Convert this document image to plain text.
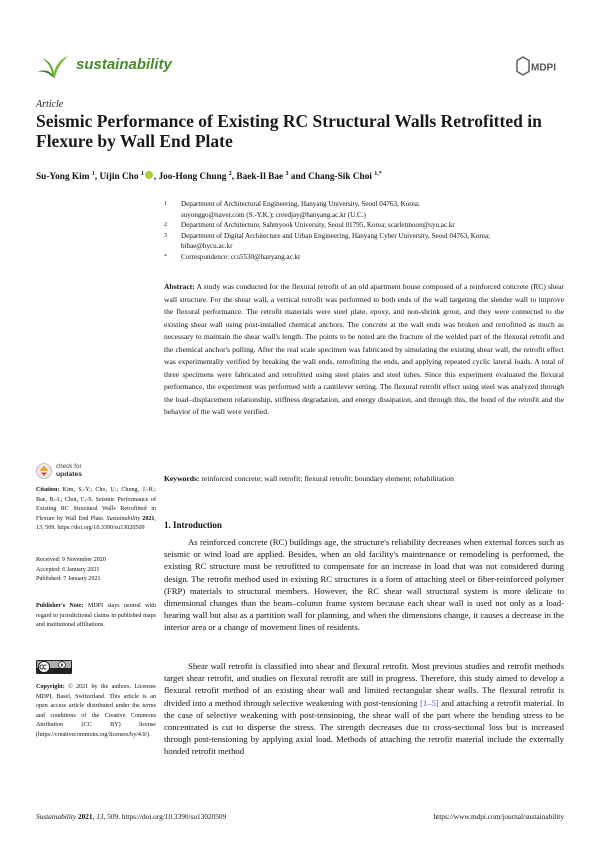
sustainability	MDPI
Article
Seismic Performance of Existing RC Structural Walls Retrofitted in Flexure by Wall End Plate
Su-Yong Kim $^1$, Uijin Cho $^1$ , Joo-Hong Chung $^2$, Baek-Il Bae $^3$ and Chang-Sik Choi $^{1,*}$
1 Department of Architectural Engineering, Hanyang University, Seoul 04763, Korea;
suyonggo@naver.com (S.-Y.K.); creedjay@hanyang.ac.kr (U.C.)
2 Department of Architecture, Sahmyook University, Seoul 01795, Korea; scarletmoon@syu.ac.kr
3 Department of Digital Architecture and Urban Engineering, Hanyang Cyber University, Seoul 04763, Korea;
bibae@hycu.ac.kr
* Correspondence: ccs5530@hanyang.ac.kr
Abstract: A study was conducted for the flexural retrofit of an old apartment house composed of a reinforced concrete (RC) shear wall structure. For the shear wall, a vertical retrofit was performed to both ends of the wall targeting the slender wall to improve the flexural performance. The retrofit materials were steel plate, epoxy, and non-shrink grout, and they were connected to the existing shear wall using post-installed chemical anchors. The concrete at the wall ends was broken and retrofitted as much as necessary to maintain the shear wall's length. The points to be noted are the fracture of the welded part of the flexural retrofit and the chemical anchor's pulling. After the real scale specimen was fabricated by simulating the existing shear wall, the retrofit effect was experimentally verified by breaking the wall ends, retrofitting the ends, and applying repeated cyclic lateral loads. A total of three specimens were fabricated and retrofitted using steel plates and steel tubes. Since this experiment evaluated the flexural performance, the experiment was performed with a cantilever setting. The flexural retrofit effect using steel was analyzed through the load–displacement relationship, stiffness degradation, and energy dissipation, and through this, the bond of the retrofit and the behavior of the wall were verified.
Keywords: reinforced concrete; wall retrofit; flexural retrofit; boundary element; rehabilitation
check for
updates
Citation: Kim, S.-Y.; Cho, U.; Chung, J.-H.; Bae, B.-I.; Choi, C.-S. Seismic Performance of Existing RC Structural Walls Retrofitted in Flexure by Wall End Plate. Sustainability 2021, 13, 509. https://doi.org/10.3390/su13020509
Received: 9 November 2020
Accepted: 6 January 2021
Published: 7 January 2021
Publisher's Note: MDPI stays neutral with regard to jurisdictional claims in published maps and institutional affiliations.
Copyright: © 2021 by the authors. Licensee MDPI, Basel, Switzerland. This article is an open access article distributed under the terms and conditions of the Creative Commons Attribution (CC BY) license (https://creativecommons.org/licenses/by/4.0/).
1. Introduction
As reinforced concrete (RC) buildings age, the structure's reliability decreases when external forces such as seismic or wind load are applied. Besides, when an old facility's maintenance or remodeling is performed, the existing RC structure must be retrofitted to compensate for an increase in load that was not considered during design. The retrofit method used in existing RC structures is a form of attaching steel or fiber-reinforced polymer (FRP) materials to structural members. However, the RC shear wall structural system is more delicate to dimensional changes than the beam–column frame system because each shear wall is used not only as a load-bearing wall but also as a partition wall for planning, and when the dimensions change, it causes a decrease in the interior area or a change of movement lines of residents.
Shear wall retrofit is classified into shear and flexural retrofit. Most previous studies and retrofit methods target shear retrofit, and studies on flexural retrofit are still in progress. Therefore, this study aimed to develop a flexural retrofit method of an existing shear wall and limited rectangular shear walls. The flexural retrofit is divided into a method through selective weakening with post-tensioning [1–5] and attaching a retrofit material. In the case of selective weakening with post-tensioning, the shear wall of the part where the bending stress to be concentrated is cut to disperse the stress. The strength decreases due to cross-sectional loss but is increased through post-tensioning by applying axial load. Methods of attaching the retrofit material include the externally bonded retrofit method
Sustainability 2021, 13, 509. https://doi.org/10.3390/su13020509	https://www.mdpi.com/journal/sustainability
